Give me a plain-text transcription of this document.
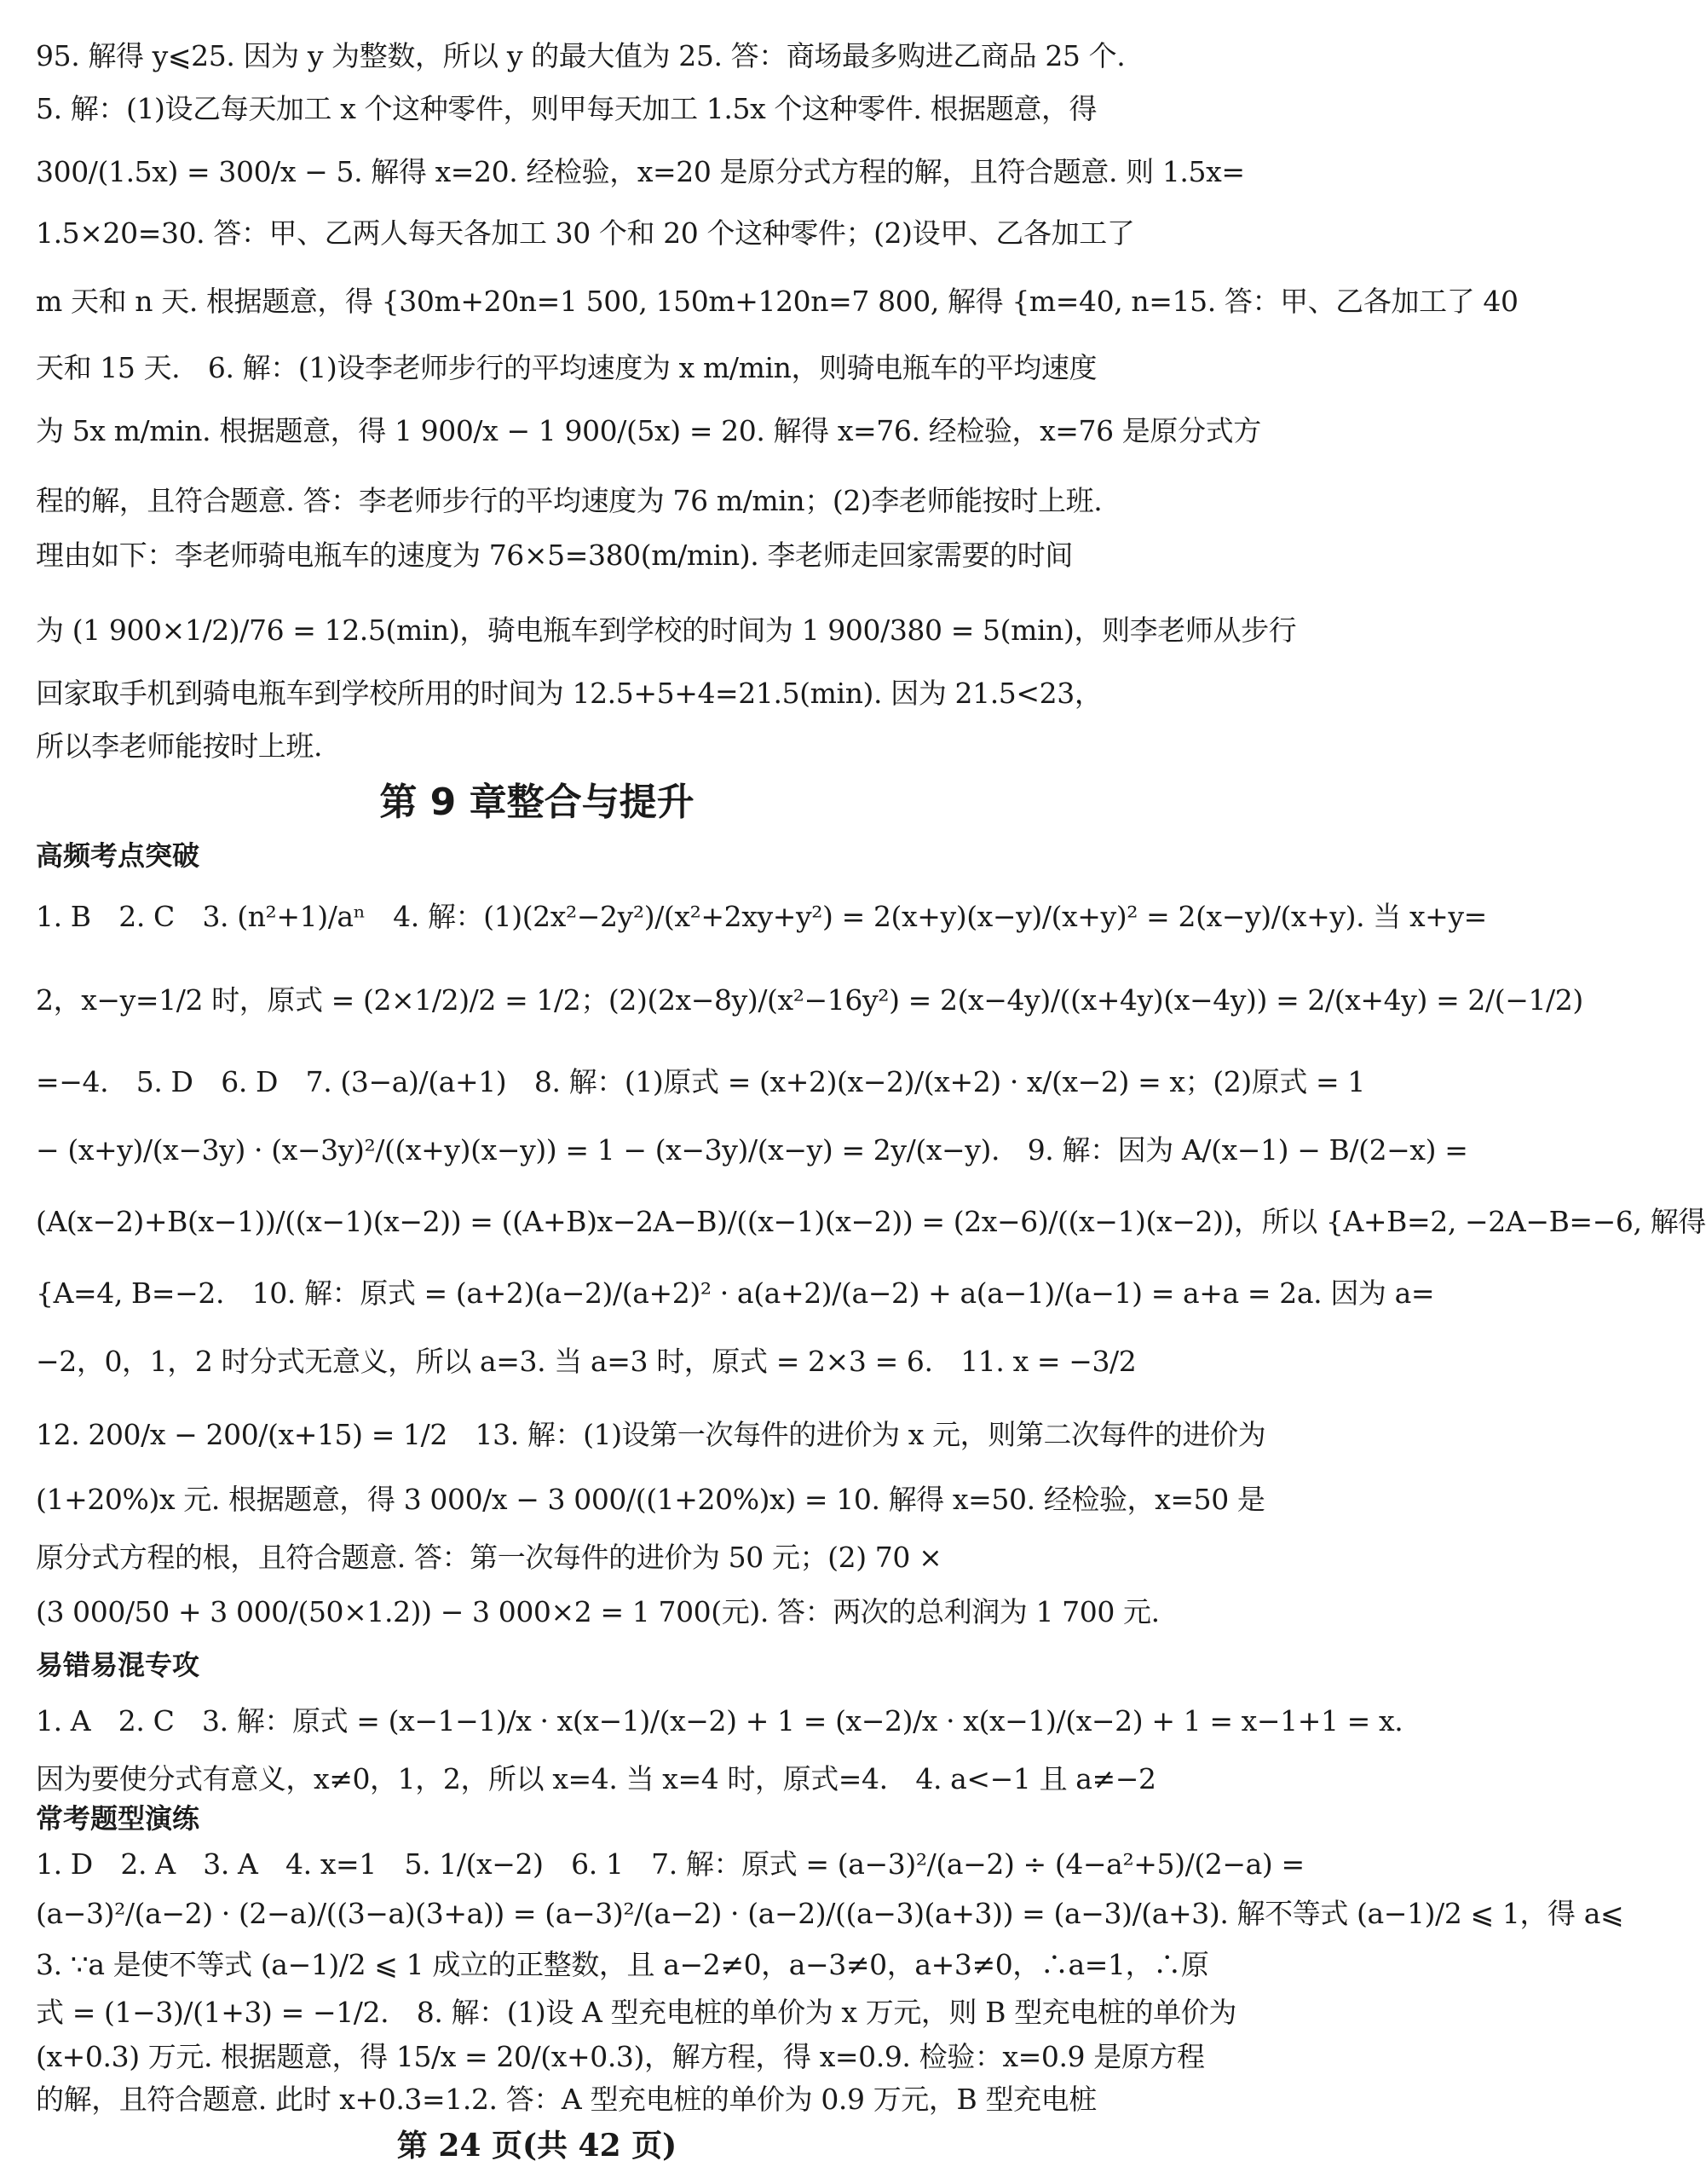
95. 解得 y⩽25. 因为 y 为整数，所以 y 的最大值为 25. 答：商场最多购进乙商品 25 个.
5. 解：(1)设乙每天加工 x 个这种零件，则甲每天加工 1.5x 个这种零件. 根据题意，得
300/(1.5x) = 300/x − 5. 解得 x=20. 经检验，x=20 是原分式方程的解，且符合题意. 则 1.5x=
1.5×20=30. 答：甲、乙两人每天各加工 30 个和 20 个这种零件；(2)设甲、乙各加工了
m 天和 n 天. 根据题意，得 {30m+20n=1 500, 150m+120n=7 800, 解得 {m=40, n=15. 答：甲、乙各加工了 40
天和 15 天.　6. 解：(1)设李老师步行的平均速度为 x m/min，则骑电瓶车的平均速度
为 5x m/min. 根据题意，得 1 900/x − 1 900/(5x) = 20. 解得 x=76. 经检验，x=76 是原分式方
程的解，且符合题意. 答：李老师步行的平均速度为 76 m/min；(2)李老师能按时上班.
理由如下：李老师骑电瓶车的速度为 76×5=380(m/min). 李老师走回家需要的时间
为 (1 900×1/2)/76 = 12.5(min)，骑电瓶车到学校的时间为 1 900/380 = 5(min)，则李老师从步行
回家取手机到骑电瓶车到学校所用的时间为 12.5+5+4=21.5(min). 因为 21.5<23，
所以李老师能按时上班.
第 9 章整合与提升
高频考点突破
1. B　2. C　3. (n²+1)/aⁿ　4. 解：(1)(2x²−2y²)/(x²+2xy+y²) = 2(x+y)(x−y)/(x+y)² = 2(x−y)/(x+y). 当 x+y=
2，x−y=1/2 时，原式 = (2×1/2)/2 = 1/2；(2)(2x−8y)/(x²−16y²) = 2(x−4y)/((x+4y)(x−4y)) = 2/(x+4y) = 2/(−1/2)
=−4.　5. D　6. D　7. (3−a)/(a+1)　8. 解：(1)原式 = (x+2)(x−2)/(x+2) · x/(x−2) = x；(2)原式 = 1
− (x+y)/(x−3y) · (x−3y)²/((x+y)(x−y)) = 1 − (x−3y)/(x−y) = 2y/(x−y).　9. 解：因为 A/(x−1) − B/(2−x) =
(A(x−2)+B(x−1))/((x−1)(x−2)) = ((A+B)x−2A−B)/((x−1)(x−2)) = (2x−6)/((x−1)(x−2))，所以 {A+B=2, −2A−B=−6, 解得
{A=4, B=−2.　10. 解：原式 = (a+2)(a−2)/(a+2)² · a(a+2)/(a−2) + a(a−1)/(a−1) = a+a = 2a. 因为 a=
−2，0，1，2 时分式无意义，所以 a=3. 当 a=3 时，原式 = 2×3 = 6.　11. x = −3/2
12. 200/x − 200/(x+15) = 1/2　13. 解：(1)设第一次每件的进价为 x 元，则第二次每件的进价为
(1+20%)x 元. 根据题意，得 3 000/x − 3 000/((1+20%)x) = 10. 解得 x=50. 经检验，x=50 是
原分式方程的根，且符合题意. 答：第一次每件的进价为 50 元；(2) 70 ×
(3 000/50 + 3 000/(50×1.2)) − 3 000×2 = 1 700(元). 答：两次的总利润为 1 700 元.
易错易混专攻
1. A　2. C　3. 解：原式 = (x−1−1)/x · x(x−1)/(x−2) + 1 = (x−2)/x · x(x−1)/(x−2) + 1 = x−1+1 = x.
因为要使分式有意义，x≠0，1，2，所以 x=4. 当 x=4 时，原式=4.　4. a<−1 且 a≠−2
常考题型演练
1. D　2. A　3. A　4. x=1　5. 1/(x−2)　6. 1　7. 解：原式 = (a−3)²/(a−2) ÷ (4−a²+5)/(2−a) =
(a−3)²/(a−2) · (2−a)/((3−a)(3+a)) = (a−3)²/(a−2) · (a−2)/((a−3)(a+3)) = (a−3)/(a+3). 解不等式 (a−1)/2 ⩽ 1，得 a⩽
3. ∵a 是使不等式 (a−1)/2 ⩽ 1 成立的正整数，且 a−2≠0，a−3≠0，a+3≠0，∴a=1，∴原
式 = (1−3)/(1+3) = −1/2.　8. 解：(1)设 A 型充电桩的单价为 x 万元，则 B 型充电桩的单价为
(x+0.3) 万元. 根据题意，得 15/x = 20/(x+0.3)，解方程，得 x=0.9. 检验：x=0.9 是原方程
第 24 页(共 42 页)
的解，且符合题意. 此时 x+0.3=1.2. 答：A 型充电桩的单价为 0.9 万元，B 型充电桩
